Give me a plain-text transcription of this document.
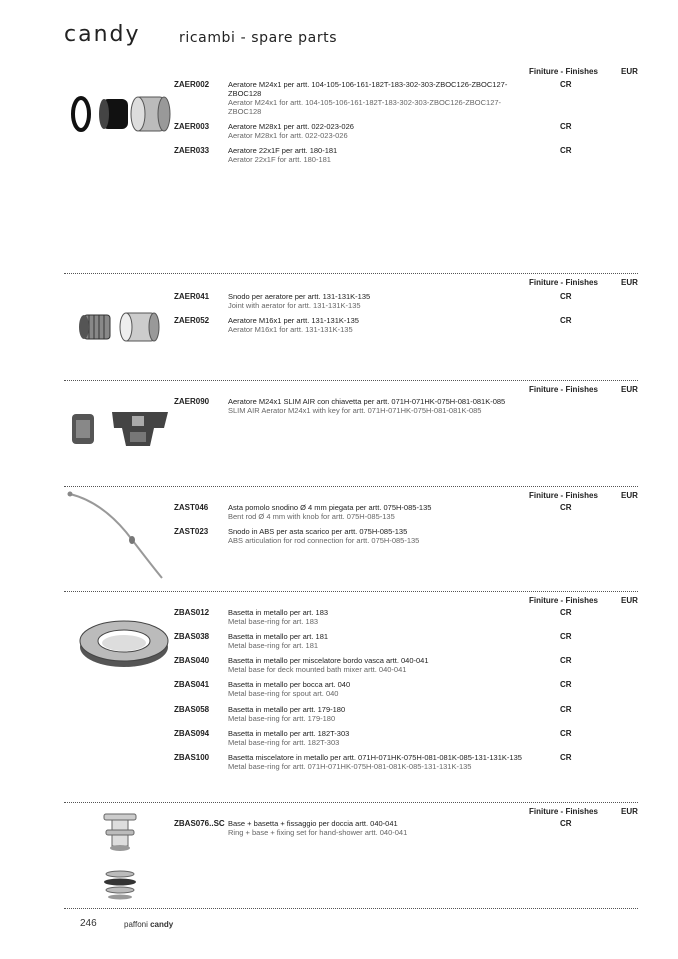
candy	ricambi - spare parts
Finiture - Finishes	EUR
ZAER002	Aeratore M24x1 per artt. 104-105-106-161-182T-183-302-303-ZBOC126-ZBOC127-ZBOC128
Aerator M24x1 for artt. 104-105-106-161-182T-183-302-303-ZBOC126-ZBOC127-ZBOC128
CR
ZAER003	Aeratore M28x1 per artt. 022-023-026
Aerator M28x1 for artt. 022-023-026
CR
ZAER033	Aeratore 22x1F per artt. 180-181
Aerator 22x1F for artt. 180-181
CR
Finiture - Finishes	EUR
ZAER041	Snodo per aeratore per artt. 131-131K-135
Joint with aerator for artt. 131-131K-135
CR
ZAER052	Aeratore M16x1 per artt. 131-131K-135
Aerator M16x1 for artt. 131-131K-135
CR
Finiture - Finishes	EUR
ZAER090	Aeratore M24x1 SLIM AIR con chiavetta per artt. 071H-071HK-075H-081-081K-085
SLIM AIR Aerator M24x1 with key for artt. 071H-071HK-075H-081-081K-085
Finiture - Finishes	EUR
ZAST046	Asta pomolo snodino Ø 4 mm piegata per artt. 075H-085-135
Bent rod Ø 4 mm with knob for artt. 075H-085-135
CR
ZAST023	Snodo in ABS per asta scarico per artt. 075H-085-135
ABS articulation for rod connection for artt. 075H-085-135
Finiture - Finishes	EUR
ZBAS012	Basetta in metallo per art. 183
Metal base-ring for art. 183
CR
ZBAS038	Basetta in metallo per art. 181
Metal base-ring for art. 181
CR
ZBAS040	Basetta in metallo per miscelatore bordo vasca artt. 040-041
Metal base for deck mounted bath mixer artt. 040-041
CR
ZBAS041	Basetta in metallo per bocca art. 040
Metal base-ring for spout art. 040
CR
ZBAS058	Basetta in metallo per artt. 179-180
Metal base-ring for artt. 179-180
CR
ZBAS094	Basetta in metallo per artt. 182T-303
Metal base-ring for artt. 182T-303
CR
ZBAS100	Basetta miscelatore in metallo per artt. 071H-071HK-075H-081-081K-085-131-131K-135
Metal base-ring for artt. 071H-071HK-075H-081-081K-085-131-131K-135
CR
Finiture - Finishes	EUR
ZBAS076..SC Base + basetta + fissaggio per doccia artt. 040-041
Ring + base + fixing set for hand-shower artt. 040-041
CR
246	paffoni candy
